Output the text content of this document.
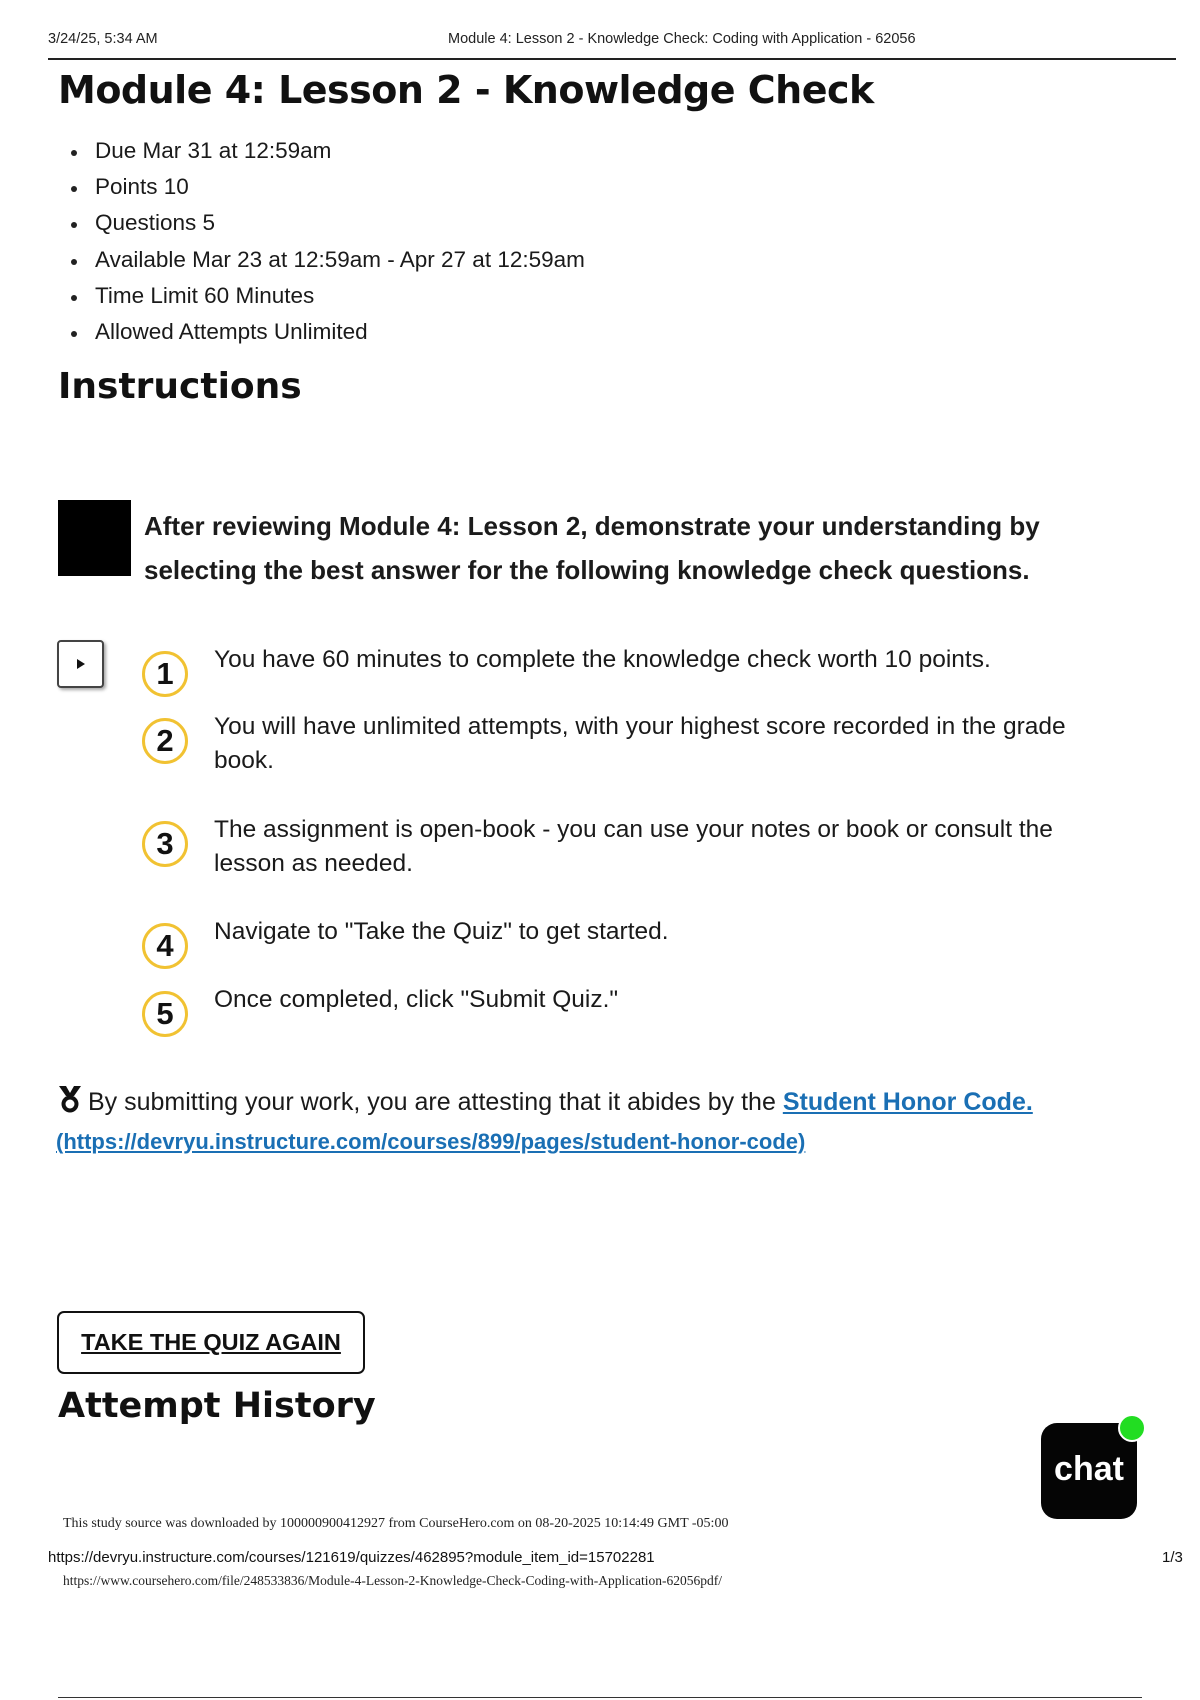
3/24/25, 5:34 AM	Module 4: Lesson 2 - Knowledge Check: Coding with Application - 62056
Module 4: Lesson 2 - Knowledge Check
Due Mar 31 at 12:59am
Points 10
Questions 5
Available Mar 23 at 12:59am - Apr 27 at 12:59am
Time Limit 60 Minutes
Allowed Attempts Unlimited
Instructions
After reviewing Module 4: Lesson 2, demonstrate your understanding by selecting the best answer for the following knowledge check questions.
1	You have 60 minutes to complete the knowledge check worth 10 points.
2	You will have unlimited attempts, with your highest score recorded in the grade book.
3	The assignment is open-book - you can use your notes or book or consult the lesson as needed.
4	Navigate to "Take the Quiz" to get started.
5	Once completed, click "Submit Quiz."
By submitting your work, you are attesting that it abides by the Student Honor Code.
(https://devryu.instructure.com/courses/899/pages/student-honor-code)
TAKE THE QUIZ AGAIN
Attempt History
chat
This study source was downloaded by 100000900412927 from CourseHero.com on 08-20-2025 10:14:49 GMT -05:00
https://devryu.instructure.com/courses/121619/quizzes/462895?module_item_id=15702281	1/3
https://www.coursehero.com/file/248533836/Module-4-Lesson-2-Knowledge-Check-Coding-with-Application-62056pdf/
